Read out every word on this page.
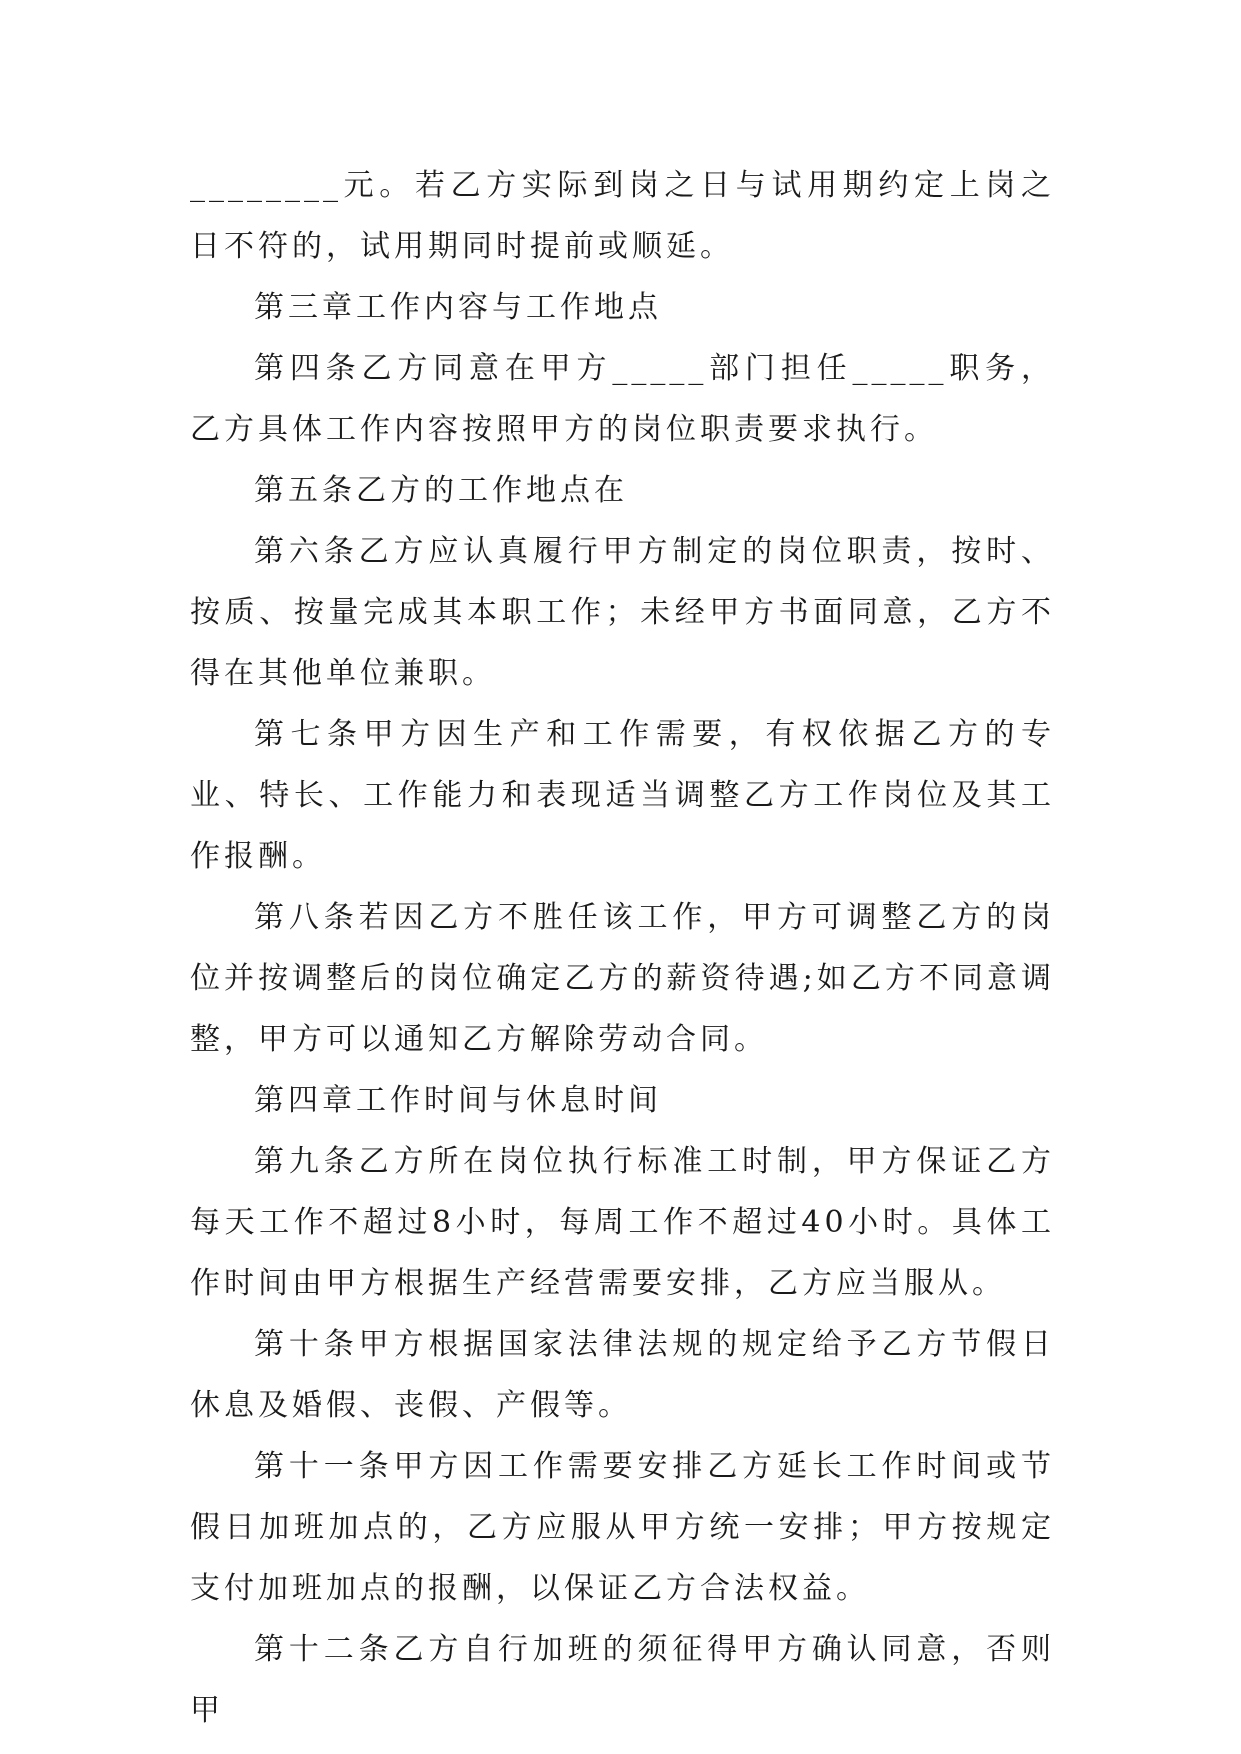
________元。若乙方实际到岗之日与试用期约定上岗之日不符的，试用期同时提前或顺延。

第三章工作内容与工作地点

第四条乙方同意在甲方_____部门担任_____职务，乙方具体工作内容按照甲方的岗位职责要求执行。

第五条乙方的工作地点在

第六条乙方应认真履行甲方制定的岗位职责，按时、按质、按量完成其本职工作；未经甲方书面同意，乙方不得在其他单位兼职。

第七条甲方因生产和工作需要，有权依据乙方的专业、特长、工作能力和表现适当调整乙方工作岗位及其工作报酬。

第八条若因乙方不胜任该工作，甲方可调整乙方的岗位并按调整后的岗位确定乙方的薪资待遇;如乙方不同意调整，甲方可以通知乙方解除劳动合同。

第四章工作时间与休息时间

第九条乙方所在岗位执行标准工时制，甲方保证乙方每天工作不超过8小时，每周工作不超过40小时。具体工作时间由甲方根据生产经营需要安排，乙方应当服从。

第十条甲方根据国家法律法规的规定给予乙方节假日休息及婚假、丧假、产假等。

第十一条甲方因工作需要安排乙方延长工作时间或节假日加班加点的，乙方应服从甲方统一安排；甲方按规定支付加班加点的报酬，以保证乙方合法权益。

第十二条乙方自行加班的须征得甲方确认同意，否则甲
